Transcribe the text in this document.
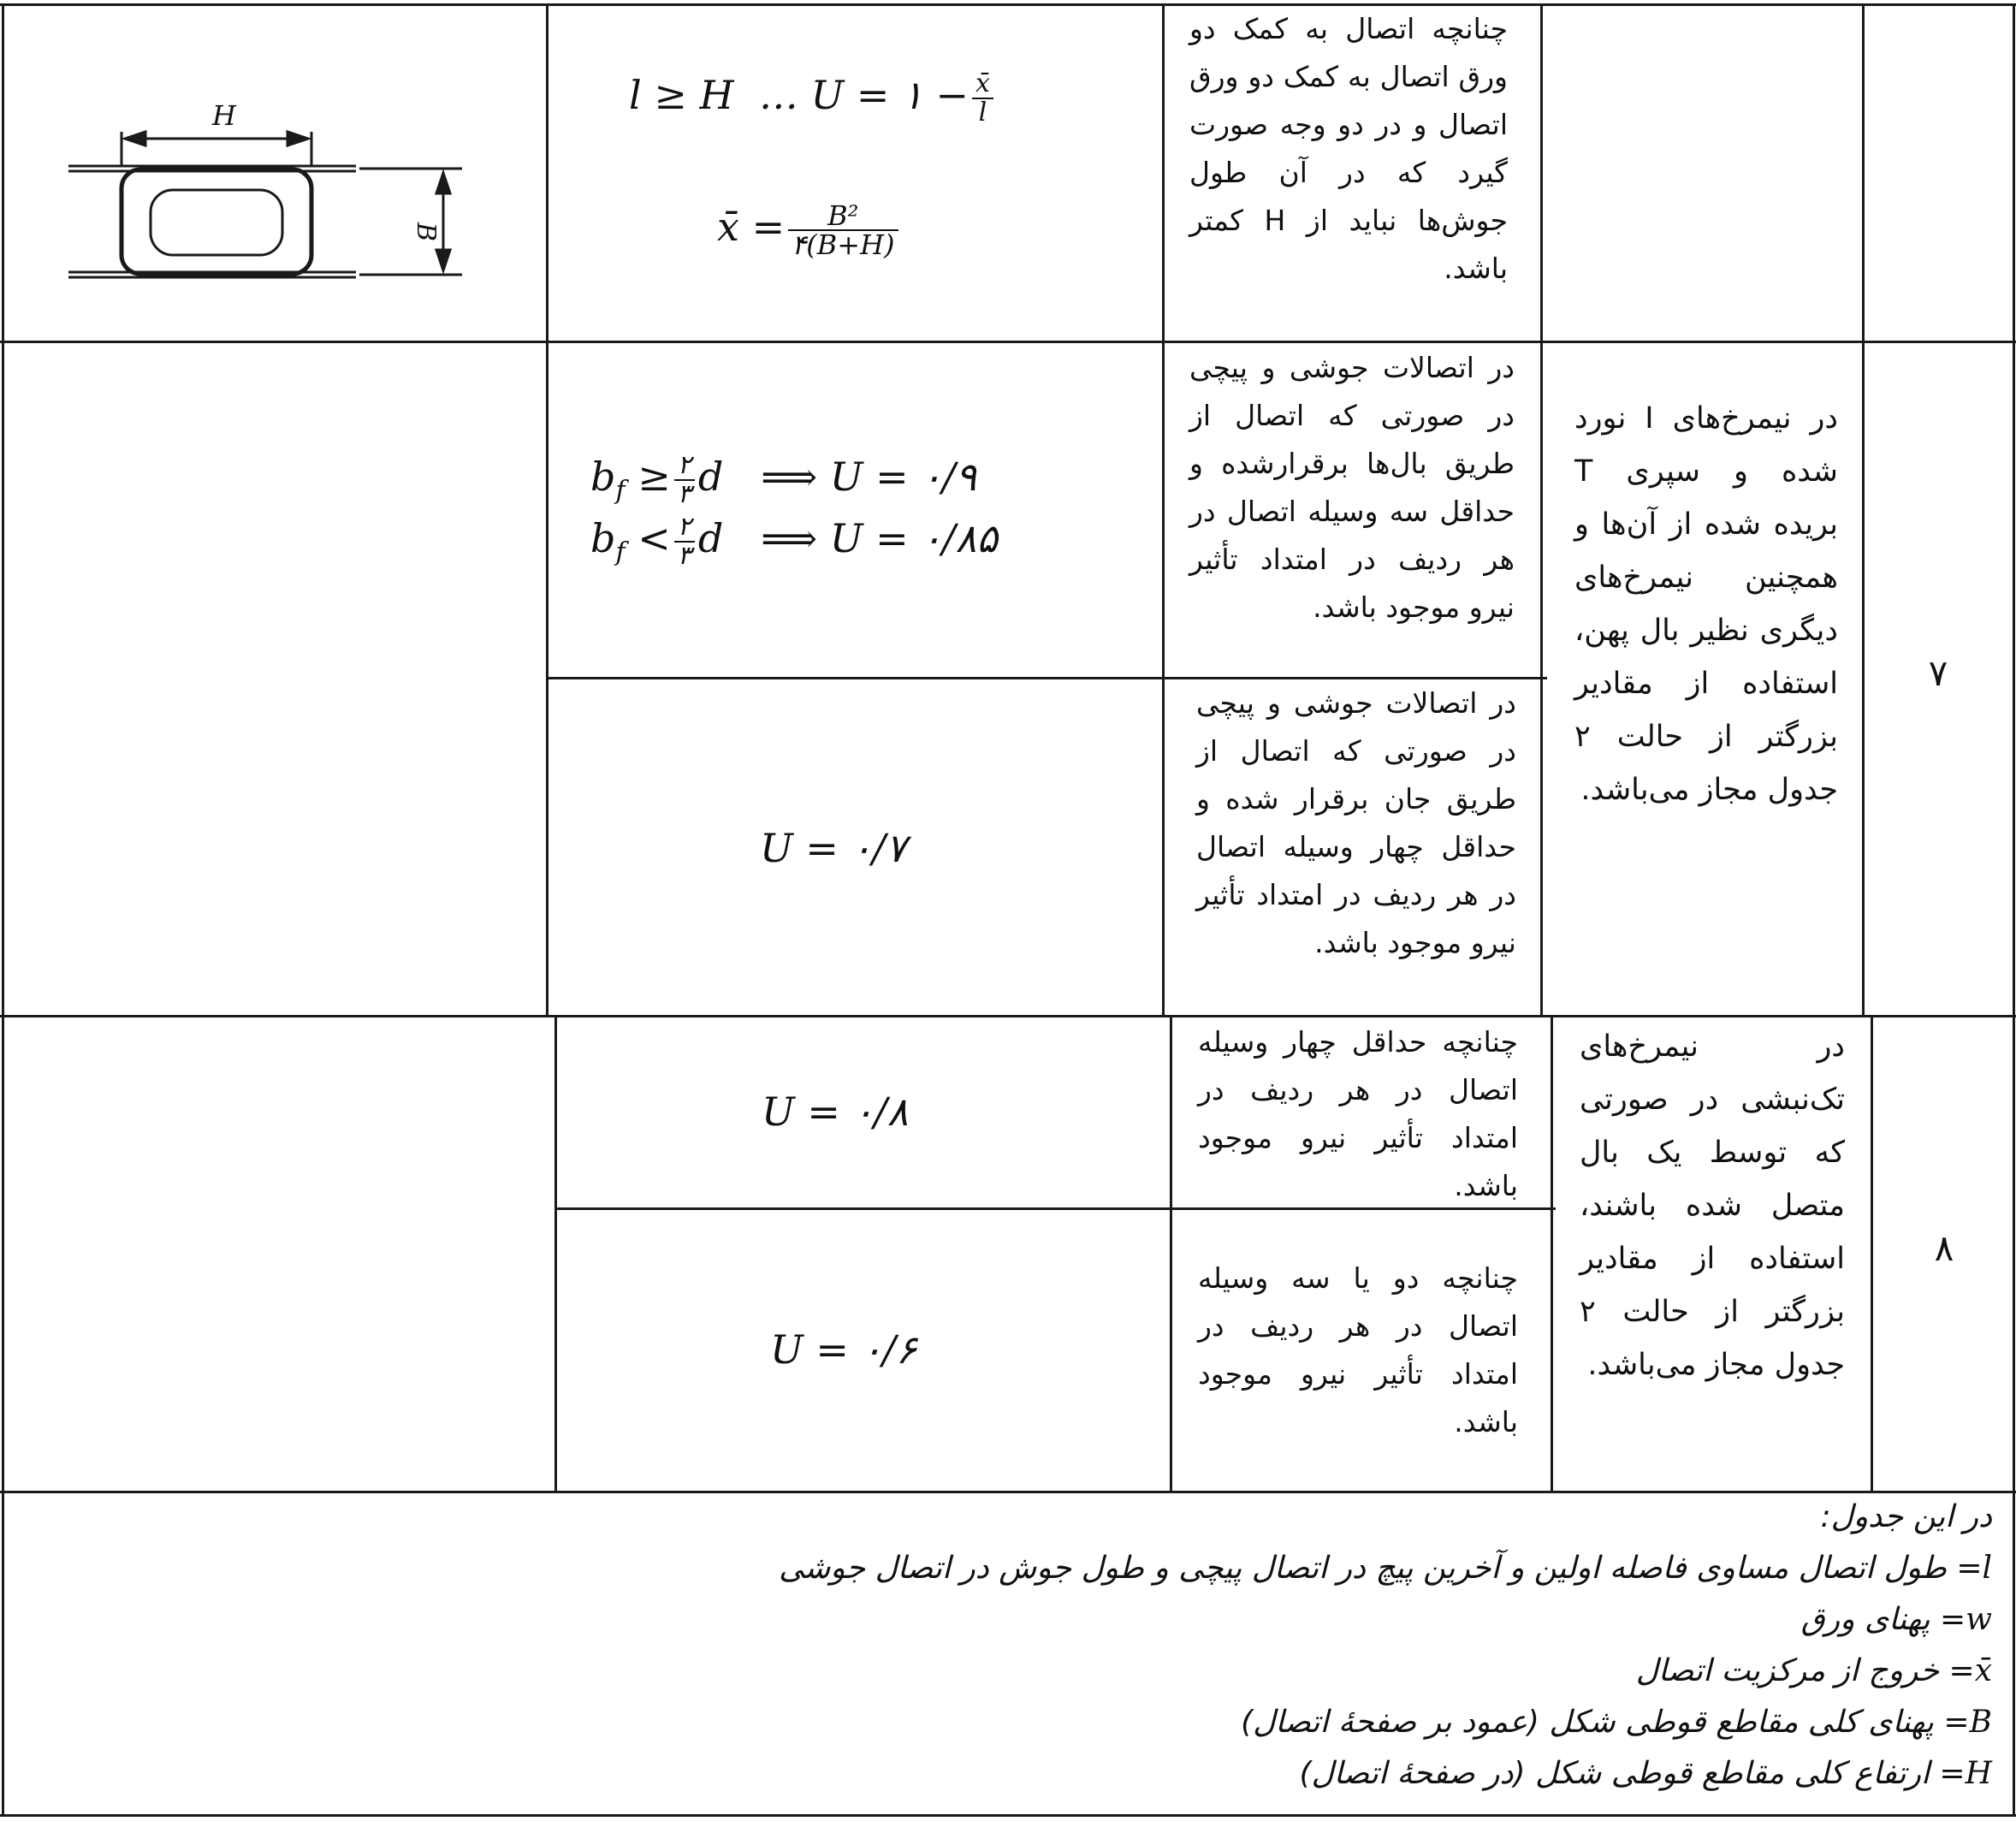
H
B
l ≥ H … U = ۱ − $\frac{x̄}{l}$
x̄ = $\frac{\text{B²}}{۴(B+H)}$
چنانچه اتصال به کمک دو ورق اتصال به کمک دو ورق اتصال و در دو وجه صورت گیرد که در آن طول جوش‌ها نباید از H کمتر باشد.
۷
در نیمرخ‌های I نورد شده و سپری T بریده شده از آن‌ها و همچنین نیمرخ‌های دیگری نظیر بال پهن، استفاده از مقادیر بزرگتر از حالت ۲ جدول مجاز می‌باشد.
$b_f \ge \frac{۲}{۳}$ d ⟹ U = ۰/۹
$b_f < \frac{۲}{۳}$ d ⟹ U = ۰/۸۵
در اتصالات جوشی و پیچی در صورتی که اتصال از طریق بال‌ها برقرارشده و حداقل سه وسیله اتصال در هر ردیف در امتداد تأثیر نیرو موجود باشد.
U = ۰/۷
در اتصالات جوشی و پیچی در صورتی که اتصال از طریق جان برقرار شده و حداقل چهار وسیله اتصال در هر ردیف در امتداد تأثیر نیرو موجود باشد.
۸
در نیمرخ‌های تک‌نبشی در صورتی که توسط یک بال متصل شده باشند، استفاده از مقادیر بزرگتر از حالت ۲ جدول مجاز می‌باشد.
U = ۰/۸
چنانچه حداقل چهار وسیله اتصال در هر ردیف در امتداد تأثیر نیرو موجود باشد.
U = ۰/۶
چنانچه دو یا سه وسیله اتصال در هر ردیف در امتداد تأثیر نیرو موجود باشد.
در این جدول:
l= طول اتصال مساوی فاصله اولین و آخرین پیچ در اتصال پیچی و طول جوش در اتصال جوشی
w= پهنای ورق
x̄= خروج از مرکزیت اتصال
B= پهنای کلی مقاطع قوطی شکل (عمود بر صفحهٔ اتصال)
H= ارتفاع کلی مقاطع قوطی شکل (در صفحهٔ اتصال)
